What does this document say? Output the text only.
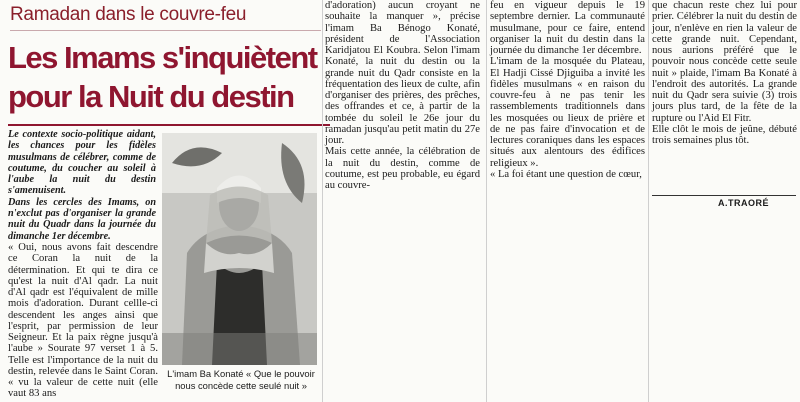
Ramadan dans le couvre-feu
Les Imams s'inquiètent
pour la Nuit du destin

Le contexte socio-politique aidant, les chances pour les fidèles musulmans de célébrer, comme de coutume, du coucher au soleil à l'aube la nuit du destin s'amenuisent.

Dans les cercles des Imams, on n'exclut pas d'organiser la grande nuit du Quadr dans la journée du dimanche 1er décembre.

« Oui, nous avons fait descendre ce Coran la nuit de la détermination. Et qui te dira ce qu'est la nuit d'Al qadr. La nuit d'Al qadr est l'équivalent de mille mois d'adoration. Durant cellle-ci descendent les anges ainsi que l'esprit, par permission de leur Seigneur. Et la paix règne jusqu'à l'aube » Sourate 97 verset 1 à 5. Telle est l'importance de la nuit du destin, relevée dans le Saint Coran. « vu la valeur de cette nuit (elle vaut 83 ans

L'imam Ba Konaté « Que le pouvoir nous concède cette seulé nuit »

d'adoration) aucun croyant ne souhaite la manquer », précise l'imam Ba Bénogo Konaté, président de l'Association Karidjatou El Koubra. Selon l'imam Konaté, la nuit du destin ou la grande nuit du Qadr consiste en la fréquentation des lieux de culte, afin d'organiser des prières, des prêches, des offrandes et ce, à partir de la tombée du soleil le 26e jour du ramadan jusqu'au petit matin du 27e jour.

Mais cette année, la célébration de la nuit du destin, comme de coutume, est peu probable, eu égard au couvre-

feu en vigueur depuis le 19 septembre dernier. La communauté musulmane, pour ce faire, entend organiser la nuit du destin dans la journée du dimanche 1er décembre.

L'imam de la mosquée du Plateau, El Hadji Cissé Djiguiba a invité les fidèles musulmans « en raison du couvre-feu à ne pas tenir les rassemblements traditionnels dans les mosquées ou lieux de prière et de ne pas faire d'invocation et de lectures coraniques dans les espaces situés aux alentours des édifices religieux ».

« La foi étant une question de cœur,

que chacun reste chez lui pour prier. Célébrer la nuit du destin de jour, n'enlève en rien la valeur de cette grande nuit. Cependant, nous aurions préféré que le pouvoir nous concède cette seule nuit » plaide, l'imam Ba Konaté à l'endroit des autorités. La grande nuit du Qadr sera suivie (3) trois jours plus tard, de la fête de la rupture ou l'Aid El Fitr.

Elle clôt le mois de jeûne, débuté trois semaines plus tôt.

A.TRAORÉ
